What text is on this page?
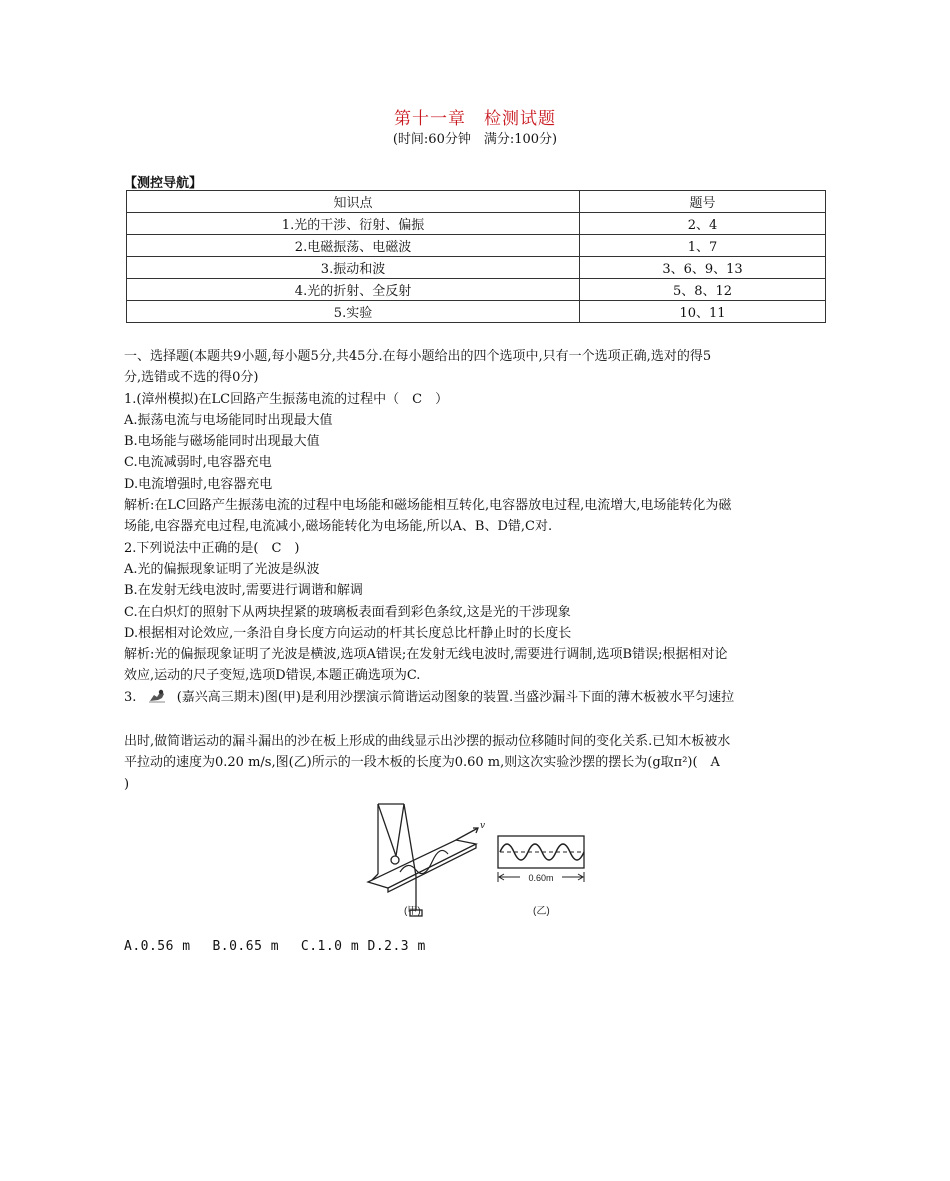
第十一章　检测试题
(时间:60分钟　满分:100分)
【测控导航】
知识点	题号
1.光的干涉、衍射、偏振	2、4
2.电磁振荡、电磁波	1、7
3.振动和波	3、6、9、13
4.光的折射、全反射	5、8、12
5.实验	10、11

一、选择题(本题共9小题,每小题5分,共45分.在每小题给出的四个选项中,只有一个选项正确,选对的得5

分,选错或不选的得0分)

1.(漳州模拟)在LC回路产生振荡电流的过程中（　C　）

A.振荡电流与电场能同时出现最大值

B.电场能与磁场能同时出现最大值

C.电流减弱时,电容器充电

D.电流增强时,电容器充电

解析:在LC回路产生振荡电流的过程中电场能和磁场能相互转化,电容器放电过程,电流增大,电场能转化为磁

场能,电容器充电过程,电流减小,磁场能转化为电场能,所以A、B、D错,C对.

2.下列说法中正确的是(　C　)

A.光的偏振现象证明了光波是纵波

B.在发射无线电波时,需要进行调谐和解调

C.在白炽灯的照射下从两块捏紧的玻璃板表面看到彩色条纹,这是光的干涉现象

D.根据相对论效应,一条沿自身长度方向运动的杆其长度总比杆静止时的长度长

解析:光的偏振现象证明了光波是横波,选项A错误;在发射无线电波时,需要进行调制,选项B错误;根据相对论

效应,运动的尺子变短,选项D错误,本题正确选项为C.

3.	(嘉兴高三期末)图(甲)是利用沙摆演示简谐运动图象的装置.当盛沙漏斗下面的薄木板被水平匀速拉

出时,做简谐运动的漏斗漏出的沙在板上形成的曲线显示出沙摆的振动位移随时间的变化关系.已知木板被水

平拉动的速度为0.20 m/s,图(乙)所示的一段木板的长度为0.60 m,则这次实验沙摆的摆长为(g取π²)(　A

)

v
(甲)
0.60m
(乙)
A.0.56 m　 B.0.65 m　 C.1.0 m D.2.3 m
